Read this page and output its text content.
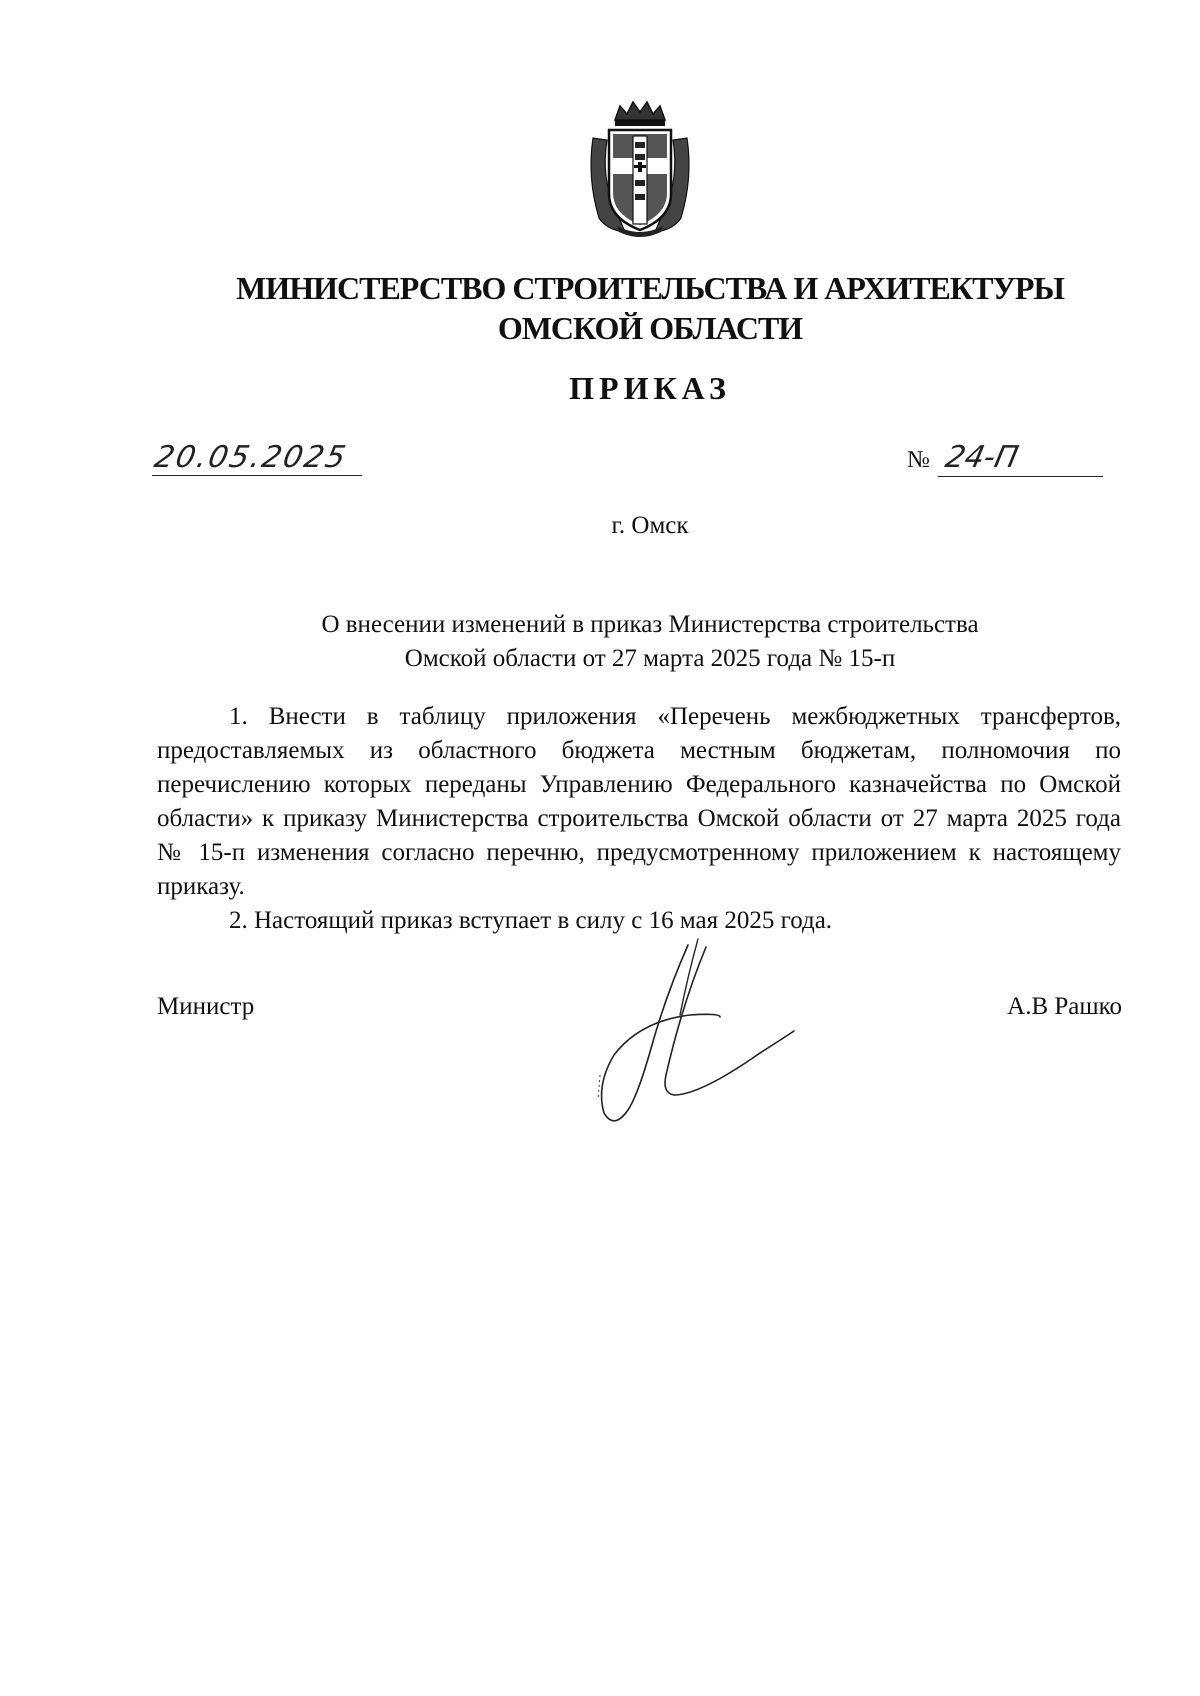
МИНИСТЕРСТВО СТРОИТЕЛЬСТВА И АРХИТЕКТУРЫ
ОМСКОЙ ОБЛАСТИ
ПРИКАЗ
20.05.2025	№ 24-П
г. Омск
О внесении изменений в приказ Министерства строительства
Омской области от 27 марта 2025 года № 15-п

1. Внести в таблицу приложения «Перечень межбюджетных трансфертов, предоставляемых из областного бюджета местным бюджетам, полномочия по перечислению которых переданы Управлению Федерального казначейства по Омской области» к приказу Министерства строительства Омской области от 27 марта 2025 года № 15-п изменения согласно перечню, предусмотренному приложением к настоящему приказу.

2. Настоящий приказ вступает в силу с 16 мая 2025 года.

Министр	А.В Рашко
